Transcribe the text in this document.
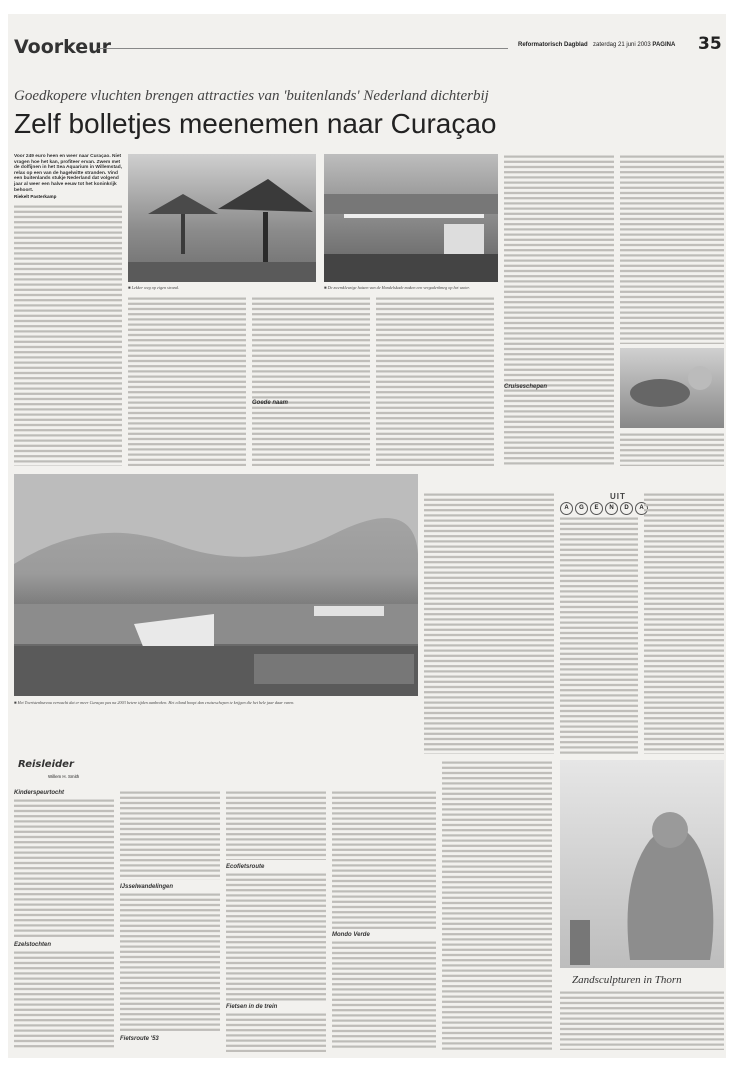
Voorkeur	Reformatorisch Dagblad zaterdag 21 juni 2003 PAGINA 35
Goedkopere vluchten brengen attracties van 'buitenlands' Nederland dichterbij
Zelf bolletjes meenemen naar Curaçao
Voor 249 euro heen en weer naar Curaçao. Niet vragen hoe het kan, profiteer ervan. Zwem met de dolfijnen in het Sea Aquarium in Willemstad, relax op een van de hagelwitte stranden. Vind een buitenlands stukje Nederland dat volgend jaar al weer een halve eeuw tot het koninkrijk behoort.
Riekelt Pasterkamp
■ Lekker weg op eigen strand.	■ De zwemkleurige huizen van de Handelskade maken een vergaderkmeg op het water.
Goede naam
Cruiseschepen
■ Het Toeristenbureau verwacht dat er meer Curaçao pas na 2003 betere tijden aanbreken. Het eiland hoopt dan cruiseschepen te krijgen die het hele jaar daar varen.
UIT
A	G	E	N	D	A
Reisleider
Willem H. Smith
Kinderspeurtocht
Ezelstochten
IJsselwandelingen
Fietsroute '53
Ecofietsroute
Fietsen in de trein
Mondo Verde
Zandsculpturen in Thorn
